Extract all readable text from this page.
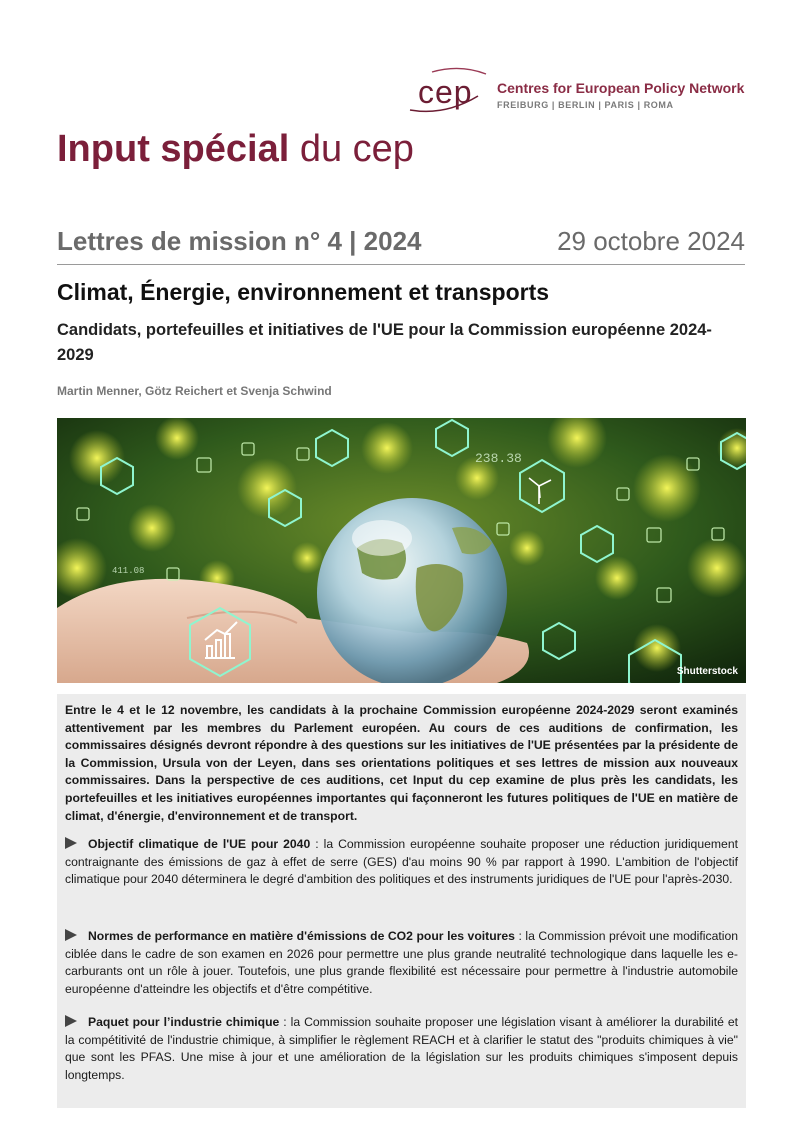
cep Centres for European Policy Network
FREIBURG | BERLIN | PARIS | ROMA
Input spécial du cep
Lettres de mission n° 4 | 2024	29 octobre 2024
Climat, Énergie, environnement et transports
Candidats, portefeuilles et initiatives de l'UE pour la Commission européenne 2024-2029
Martin Menner, Götz Reichert et Svenja Schwind
238.38
411.08
Shutterstock
Entre le 4 et le 12 novembre, les candidats à la prochaine Commission européenne 2024-2029 seront examinés attentivement par les membres du Parlement européen. Au cours de ces auditions de confirmation, les commissaires désignés devront répondre à des questions sur les initiatives de l'UE présentées par la présidente de la Commission, Ursula von der Leyen, dans ses orientations politiques et ses lettres de mission aux nouveaux commissaires. Dans la perspective de ces auditions, cet Input du cep examine de plus près les candidats, les portefeuilles et les initiatives européennes importantes qui façonneront les futures politiques de l'UE en matière de climat, d'énergie, d'environnement et de transport.
Objectif climatique de l'UE pour 2040 : la Commission européenne souhaite proposer une réduction juridiquement contraignante des émissions de gaz à effet de serre (GES) d'au moins 90 % par rapport à 1990. L'ambition de l'objectif climatique pour 2040 déterminera le degré d'ambition des politiques et des instruments juridiques de l'UE pour l'après-2030.
Normes de performance en matière d'émissions de CO2 pour les voitures : la Commission prévoit une modification ciblée dans le cadre de son examen en 2026 pour permettre une plus grande neutralité technologique dans laquelle les e-carburants ont un rôle à jouer. Toutefois, une plus grande flexibilité est nécessaire pour permettre à l'industrie automobile européenne d'atteindre les objectifs et d'être compétitive.
Paquet pour l’industrie chimique : la Commission souhaite proposer une législation visant à améliorer la durabilité et la compétitivité de l'industrie chimique, à simplifier le règlement REACH et à clarifier le statut des "produits chimiques à vie" que sont les PFAS. Une mise à jour et une amélioration de la législation sur les produits chimiques s'imposent depuis longtemps.
